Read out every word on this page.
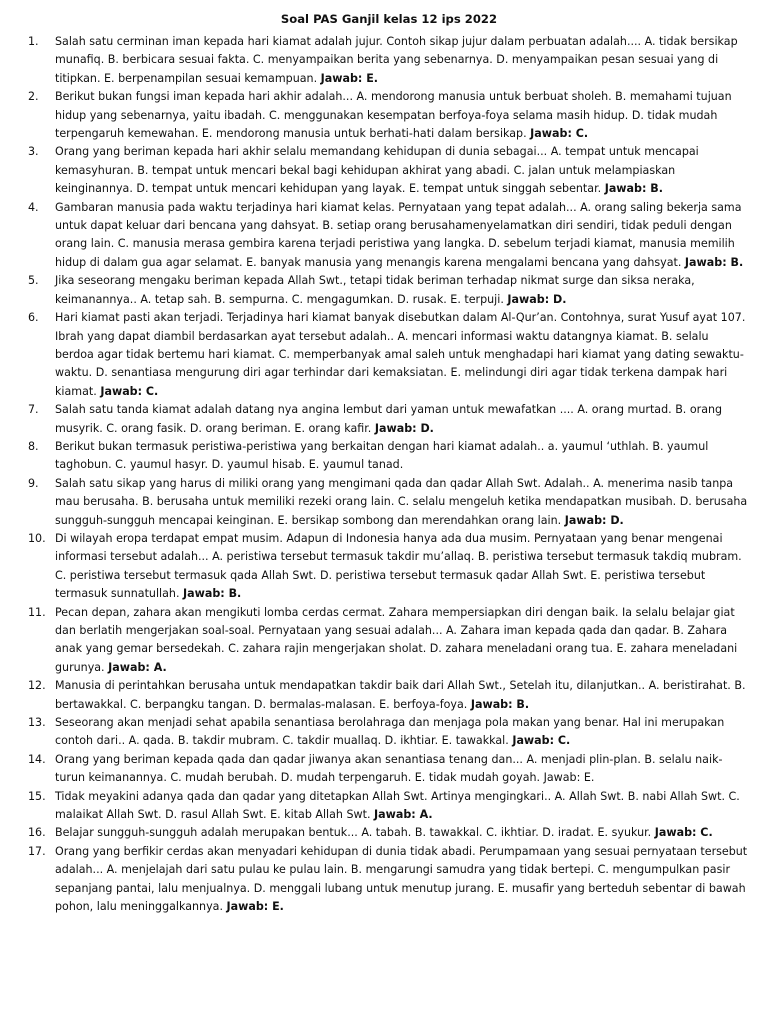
Soal PAS Ganjil kelas 12 ips 2022
1.	Salah satu cerminan iman kepada hari kiamat adalah jujur. Contoh sikap jujur dalam perbuatan adalah.... A. tidak bersikap munafiq. B. berbicara sesuai fakta. C. menyampaikan berita yang sebenarnya. D. menyampaikan pesan sesuai yang di titipkan. E. berpenampilan sesuai kemampuan. Jawab: E.
2.	Berikut bukan fungsi iman kepada hari akhir adalah... A. mendorong manusia untuk berbuat sholeh. B. memahami tujuan hidup yang sebenarnya, yaitu ibadah. C. menggunakan kesempatan berfoya-foya selama masih hidup. D. tidak mudah terpengaruh kemewahan. E. mendorong manusia untuk berhati-hati dalam bersikap. Jawab: C.
3.	Orang yang beriman kepada hari akhir selalu memandang kehidupan di dunia sebagai... A. tempat untuk mencapai kemasyhuran. B. tempat untuk mencari bekal bagi kehidupan akhirat yang abadi. C. jalan untuk melampiaskan keinginannya. D. tempat untuk mencari kehidupan yang layak. E. tempat untuk singgah sebentar. Jawab: B.
4.	Gambaran manusia pada waktu terjadinya hari kiamat kelas. Pernyataan yang tepat adalah... A. orang saling bekerja sama untuk dapat keluar dari bencana yang dahsyat. B. setiap orang berusahamenyelamatkan diri sendiri, tidak peduli dengan orang lain. C. manusia merasa gembira karena terjadi peristiwa yang langka. D. sebelum terjadi kiamat, manusia memilih hidup di dalam gua agar selamat. E. banyak manusia yang menangis karena mengalami bencana yang dahsyat. Jawab: B.
5.	Jika seseorang mengaku beriman kepada Allah Swt., tetapi tidak beriman terhadap nikmat surge dan siksa neraka, keimanannya.. A. tetap sah. B. sempurna. C. mengagumkan. D. rusak. E. terpuji. Jawab: D.
6.	Hari kiamat pasti akan terjadi. Terjadinya hari kiamat banyak disebutkan dalam Al-Qur’an. Contohnya, surat Yusuf ayat 107. Ibrah yang dapat diambil berdasarkan ayat tersebut adalah.. A. mencari informasi waktu datangnya kiamat. B. selalu berdoa agar tidak bertemu hari kiamat. C. memperbanyak amal saleh untuk menghadapi hari kiamat yang dating sewaktu-waktu. D. senantiasa mengurung diri agar terhindar dari kemaksiatan. E. melindungi diri agar tidak terkena dampak hari kiamat. Jawab: C.
7.	Salah satu tanda kiamat adalah datang nya angina lembut dari yaman untuk mewafatkan .... A. orang murtad. B. orang musyrik. C. orang fasik. D. orang beriman. E. orang kafir. Jawab: D.
8.	Berikut bukan termasuk peristiwa-peristiwa yang berkaitan dengan hari kiamat adalah.. a. yaumul ‘uthlah. B. yaumul taghobun. C. yaumul hasyr. D. yaumul hisab. E. yaumul tanad.
9.	Salah satu sikap yang harus di miliki orang yang mengimani qada dan qadar Allah Swt. Adalah.. A. menerima nasib tanpa mau berusaha. B. berusaha untuk memiliki rezeki orang lain. C. selalu mengeluh ketika mendapatkan musibah. D. berusaha sungguh-sungguh mencapai keinginan. E. bersikap sombong dan merendahkan orang lain. Jawab: D.
10. Di wilayah eropa terdapat empat musim. Adapun di Indonesia hanya ada dua musim. Pernyataan yang benar mengenai informasi tersebut adalah... A. peristiwa tersebut termasuk takdir mu’allaq. B. peristiwa tersebut termasuk takdiq mubram. C. peristiwa tersebut termasuk qada Allah Swt. D. peristiwa tersebut termasuk qadar Allah Swt. E. peristiwa tersebut termasuk sunnatullah. Jawab: B.
11. Pecan depan, zahara akan mengikuti lomba cerdas cermat. Zahara mempersiapkan diri dengan baik. Ia selalu belajar giat dan berlatih mengerjakan soal-soal. Pernyataan yang sesuai adalah... A. Zahara iman kepada qada dan qadar. B. Zahara anak yang gemar bersedekah. C. zahara rajin mengerjakan sholat. D. zahara meneladani orang tua. E. zahara meneladani gurunya. Jawab: A.
12. Manusia di perintahkan berusaha untuk mendapatkan takdir baik dari Allah Swt., Setelah itu, dilanjutkan.. A. beristirahat. B. bertawakkal. C. berpangku tangan. D. bermalas-malasan. E. berfoya-foya. Jawab: B.
13. Seseorang akan menjadi sehat apabila senantiasa berolahraga dan menjaga pola makan yang benar. Hal ini merupakan contoh dari.. A. qada. B. takdir mubram. C. takdir muallaq. D. ikhtiar. E. tawakkal. Jawab: C.
14. Orang yang beriman kepada qada dan qadar jiwanya akan senantiasa tenang dan... A. menjadi plin-plan. B. selalu naik-turun keimanannya. C. mudah berubah. D. mudah terpengaruh. E. tidak mudah goyah. Jawab: E.
15. Tidak meyakini adanya qada dan qadar yang ditetapkan Allah Swt. Artinya mengingkari.. A. Allah Swt. B. nabi Allah Swt. C. malaikat Allah Swt. D. rasul Allah Swt. E. kitab Allah Swt. Jawab: A.
16. Belajar sungguh-sungguh adalah merupakan bentuk... A. tabah. B. tawakkal. C. ikhtiar. D. iradat. E. syukur. Jawab: C.
17. Orang yang berfikir cerdas akan menyadari kehidupan di dunia tidak abadi. Perumpamaan yang sesuai pernyataan tersebut adalah... A. menjelajah dari satu pulau ke pulau lain. B. mengarungi samudra yang tidak bertepi. C. mengumpulkan pasir sepanjang pantai, lalu menjualnya. D. menggali lubang untuk menutup jurang. E. musafir yang berteduh sebentar di bawah pohon, lalu meninggalkannya. Jawab: E.
